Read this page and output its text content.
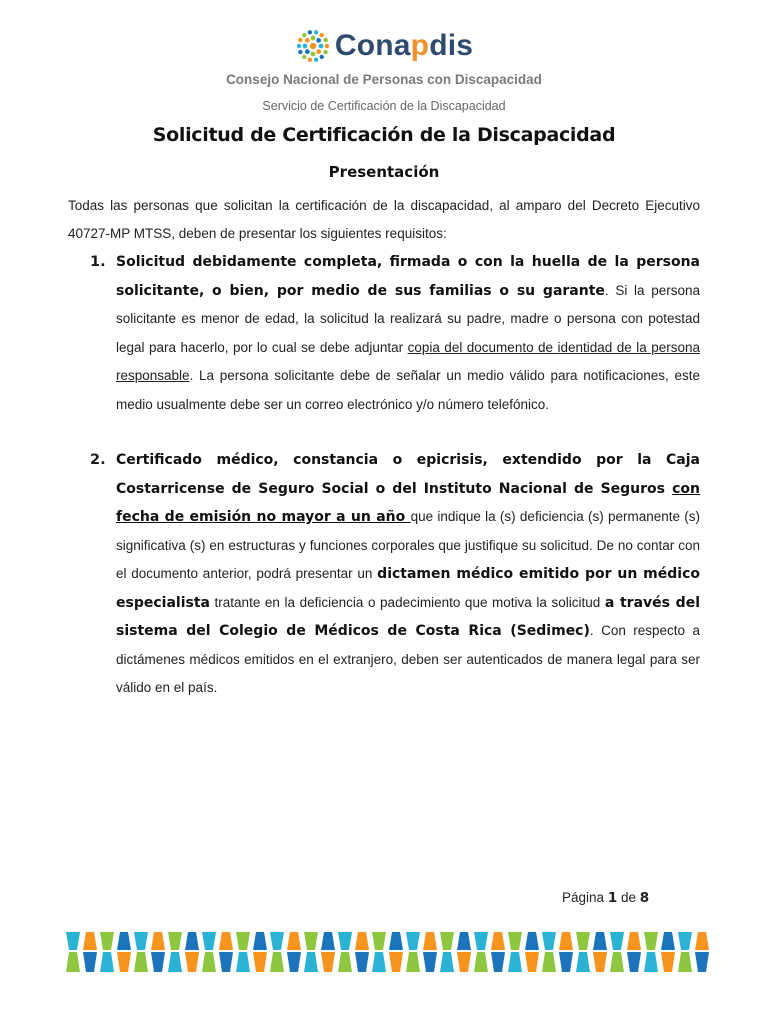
Conapdis
Consejo Nacional de Personas con Discapacidad
Servicio de Certificación de la Discapacidad
Solicitud de Certificación de la Discapacidad
Presentación
Todas las personas que solicitan la certificación de la discapacidad, al amparo del Decreto Ejecutivo 40727-MP MTSS, deben de presentar los siguientes requisitos:
1. Solicitud debidamente completa, firmada o con la huella de la persona solicitante, o bien, por medio de sus familias o su garante. Si la persona solicitante es menor de edad, la solicitud la realizará su padre, madre o persona con potestad legal para hacerlo, por lo cual se debe adjuntar copia del documento de identidad de la persona responsable. La persona solicitante debe de señalar un medio válido para notificaciones, este medio usualmente debe ser un correo electrónico y/o número telefónico.
2. Certificado médico, constancia o epicrisis, extendido por la Caja Costarricense de Seguro Social o del Instituto Nacional de Seguros con fecha de emisión no mayor a un año que indique la (s) deficiencia (s) permanente (s) significativa (s) en estructuras y funciones corporales que justifique su solicitud. De no contar con el documento anterior, podrá presentar un dictamen médico emitido por un médico especialista tratante en la deficiencia o padecimiento que motiva la solicitud a través del sistema del Colegio de Médicos de Costa Rica (Sedimec). Con respecto a dictámenes médicos emitidos en el extranjero, deben ser autenticados de manera legal para ser válido en el país.
Página 1 de 8
